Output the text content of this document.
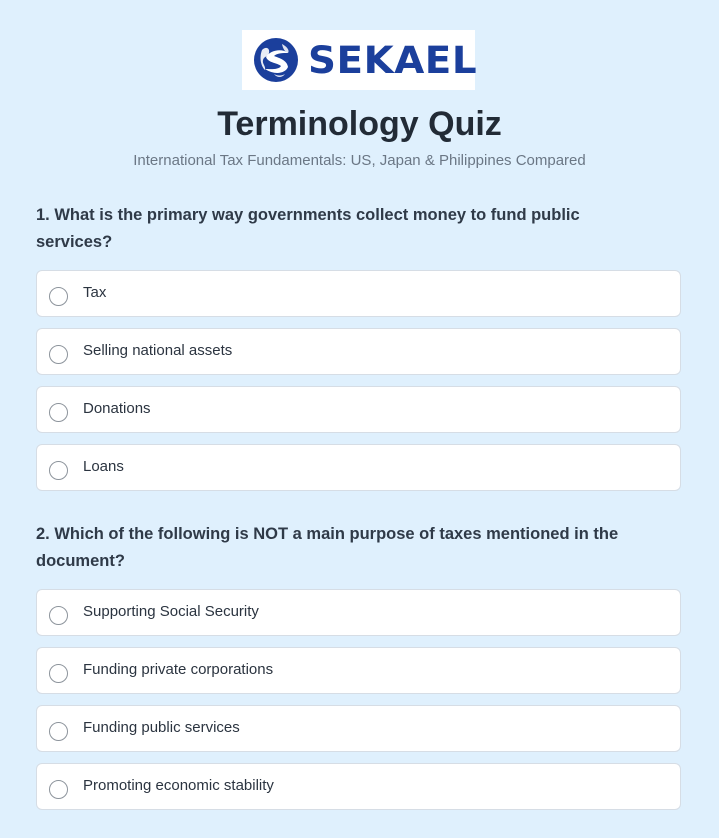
SEKAEL
Terminology Quiz
International Tax Fundamentals: US, Japan & Philippines Compared

1. What is the primary way governments collect money to fund public services?

Tax
Selling national assets
Donations
Loans

2. Which of the following is NOT a main purpose of taxes mentioned in the document?

Supporting Social Security
Funding private corporations
Funding public services
Promoting economic stability
